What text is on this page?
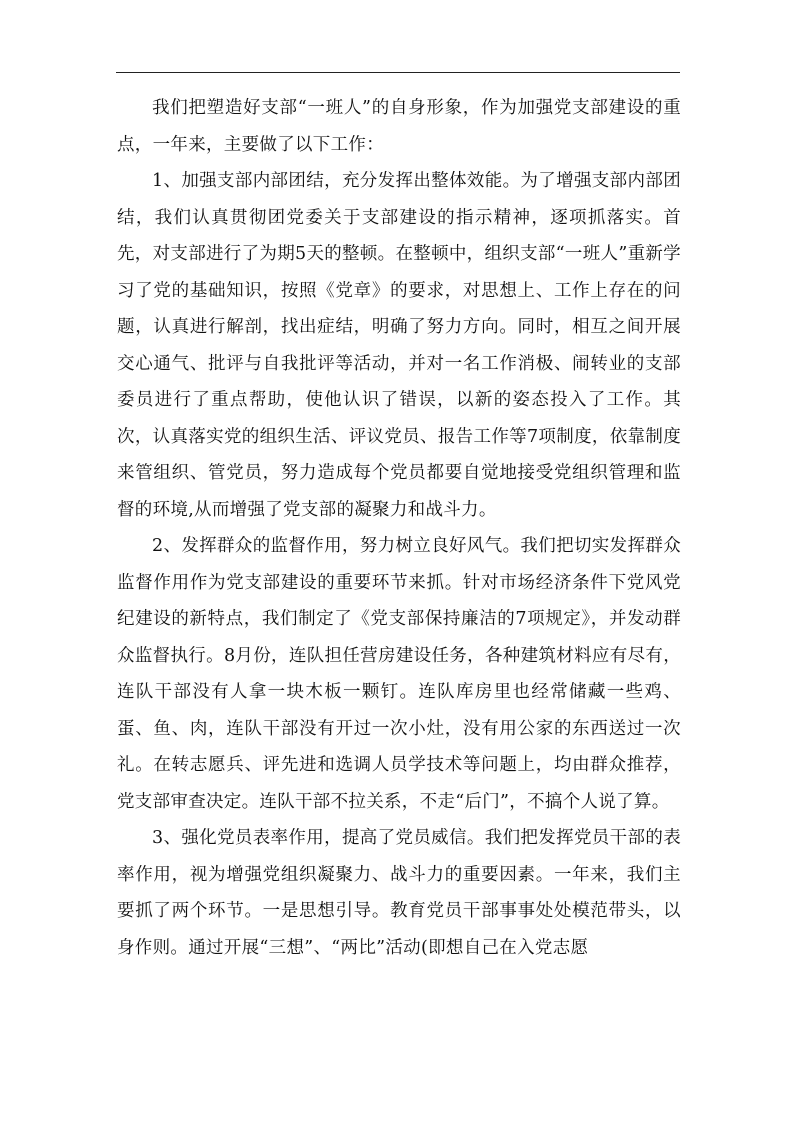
我们把塑造好支部“一班人”的自身形象，作为加强党支部建设的重点，一年来，主要做了以下工作：

1、加强支部内部团结，充分发挥出整体效能。为了增强支部内部团结，我们认真贯彻团党委关于支部建设的指示精神，逐项抓落实。首先，对支部进行了为期5天的整顿。在整顿中，组织支部“一班人”重新学习了党的基础知识，按照《党章》的要求，对思想上、工作上存在的问题，认真进行解剖，找出症结，明确了努力方向。同时，相互之间开展交心通气、批评与自我批评等活动，并对一名工作消极、闹转业的支部委员进行了重点帮助，使他认识了错误，以新的姿态投入了工作。其次，认真落实党的组织生活、评议党员、报告工作等7项制度，依靠制度来管组织、管党员，努力造成每个党员都要自觉地接受党组织管理和监督的环境,从而增强了党支部的凝聚力和战斗力。

2、发挥群众的监督作用，努力树立良好风气。我们把切实发挥群众监督作用作为党支部建设的重要环节来抓。针对市场经济条件下党风党纪建设的新特点，我们制定了《党支部保持廉洁的7项规定》，并发动群众监督执行。8月份，连队担任营房建设任务，各种建筑材料应有尽有，连队干部没有人拿一块木板一颗钉。连队库房里也经常储藏一些鸡、蛋、鱼、肉，连队干部没有开过一次小灶，没有用公家的东西送过一次礼。在转志愿兵、评先进和选调人员学技术等问题上，均由群众推荐，党支部审查决定。连队干部不拉关系，不走“后门”，不搞个人说了算。

3、强化党员表率作用，提高了党员威信。我们把发挥党员干部的表率作用，视为增强党组织凝聚力、战斗力的重要因素。一年来，我们主要抓了两个环节。一是思想引导。教育党员干部事事处处模范带头，以身作则。通过开展“三想”、“两比”活动(即想自己在入党志愿
